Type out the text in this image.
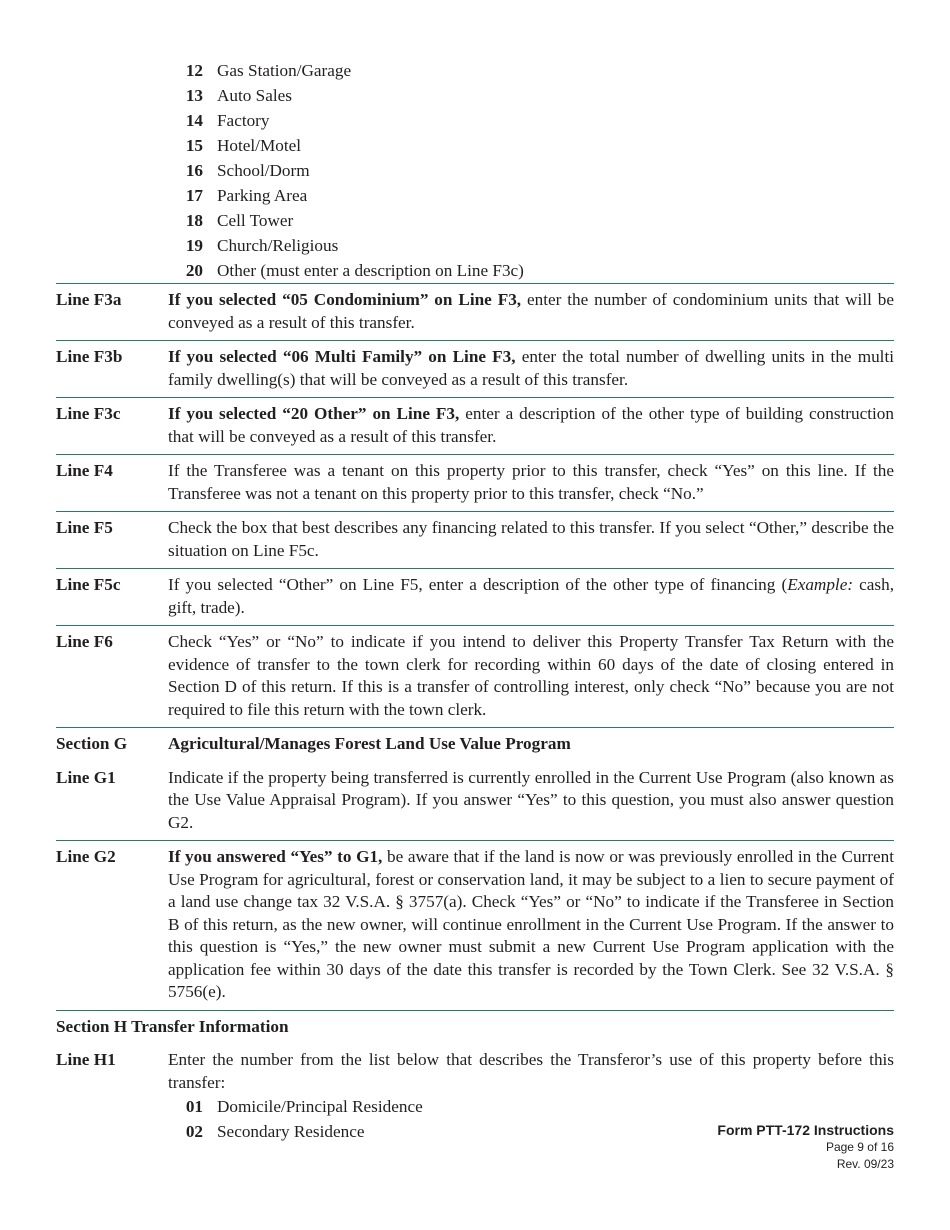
12 Gas Station/Garage
13 Auto Sales
14 Factory
15 Hotel/Motel
16 School/Dorm
17 Parking Area
18 Cell Tower
19 Church/Religious
20 Other (must enter a description on Line F3c)
Line F3a	If you selected “05 Condominium” on Line F3, enter the number of condominium units that will be conveyed as a result of this transfer.
Line F3b	If you selected “06 Multi Family” on Line F3, enter the total number of dwelling units in the multi family dwelling(s) that will be conveyed as a result of this transfer.
Line F3c	If you selected “20 Other” on Line F3, enter a description of the other type of building construction that will be conveyed as a result of this transfer.
Line F4	If the Transferee was a tenant on this property prior to this transfer, check “Yes” on this line. If the Transferee was not a tenant on this property prior to this transfer, check “No.”
Line F5	Check the box that best describes any financing related to this transfer. If you select “Other,” describe the situation on Line F5c.
Line F5c	If you selected “Other” on Line F5, enter a description of the other type of financing (Example: cash, gift, trade).
Line F6	Check “Yes” or “No” to indicate if you intend to deliver this Property Transfer Tax Return with the evidence of transfer to the town clerk for recording within 60 days of the date of closing entered in Section D of this return. If this is a transfer of controlling interest, only check “No” because you are not required to file this return with the town clerk.
Section G	Agricultural/Manages Forest Land Use Value Program
Line G1	Indicate if the property being transferred is currently enrolled in the Current Use Program (also known as the Use Value Appraisal Program). If you answer “Yes” to this question, you must also answer question G2.
Line G2	If you answered “Yes” to G1, be aware that if the land is now or was previously enrolled in the Current Use Program for agricultural, forest or conservation land, it may be subject to a lien to secure payment of a land use change tax 32 V.S.A. § 3757(a). Check “Yes” or “No” to indicate if the Transferee in Section B of this return, as the new owner, will continue enrollment in the Current Use Program. If the answer to this question is “Yes,” the new owner must submit a new Current Use Program application with the application fee within 30 days of the date this transfer is recorded by the Town Clerk. See 32 V.S.A. § 5756(e).
Section H Transfer Information
Line H1	Enter the number from the list below that describes the Transferor’s use of this property before this transfer:
01 Domicile/Principal Residence
02 Secondary Residence	Form PTT-172 Instructions
Page 9 of 16
Rev. 09/23
